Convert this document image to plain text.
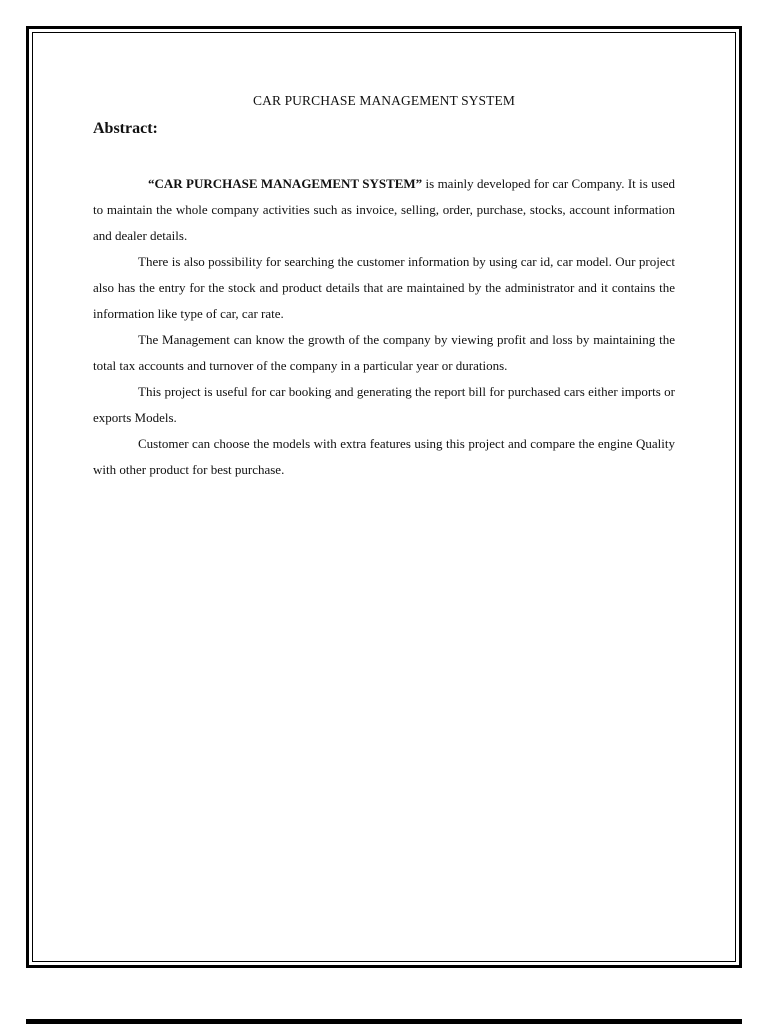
CAR PURCHASE MANAGEMENT SYSTEM
Abstract:

“CAR PURCHASE MANAGEMENT SYSTEM” is mainly developed for car Company. It is used to maintain the whole company activities such as invoice, selling, order, purchase, stocks, account information and dealer details.

There is also possibility for searching the customer information by using car id, car model. Our project also has the entry for the stock and product details that are maintained by the administrator and it contains the information like type of car, car rate.

The Management can know the growth of the company by viewing profit and loss by maintaining the total tax accounts and turnover of the company in a particular year or durations.

This project is useful for car booking and generating the report bill for purchased cars either imports or exports Models.

Customer can choose the models with extra features using this project and compare the engine Quality with other product for best purchase.
